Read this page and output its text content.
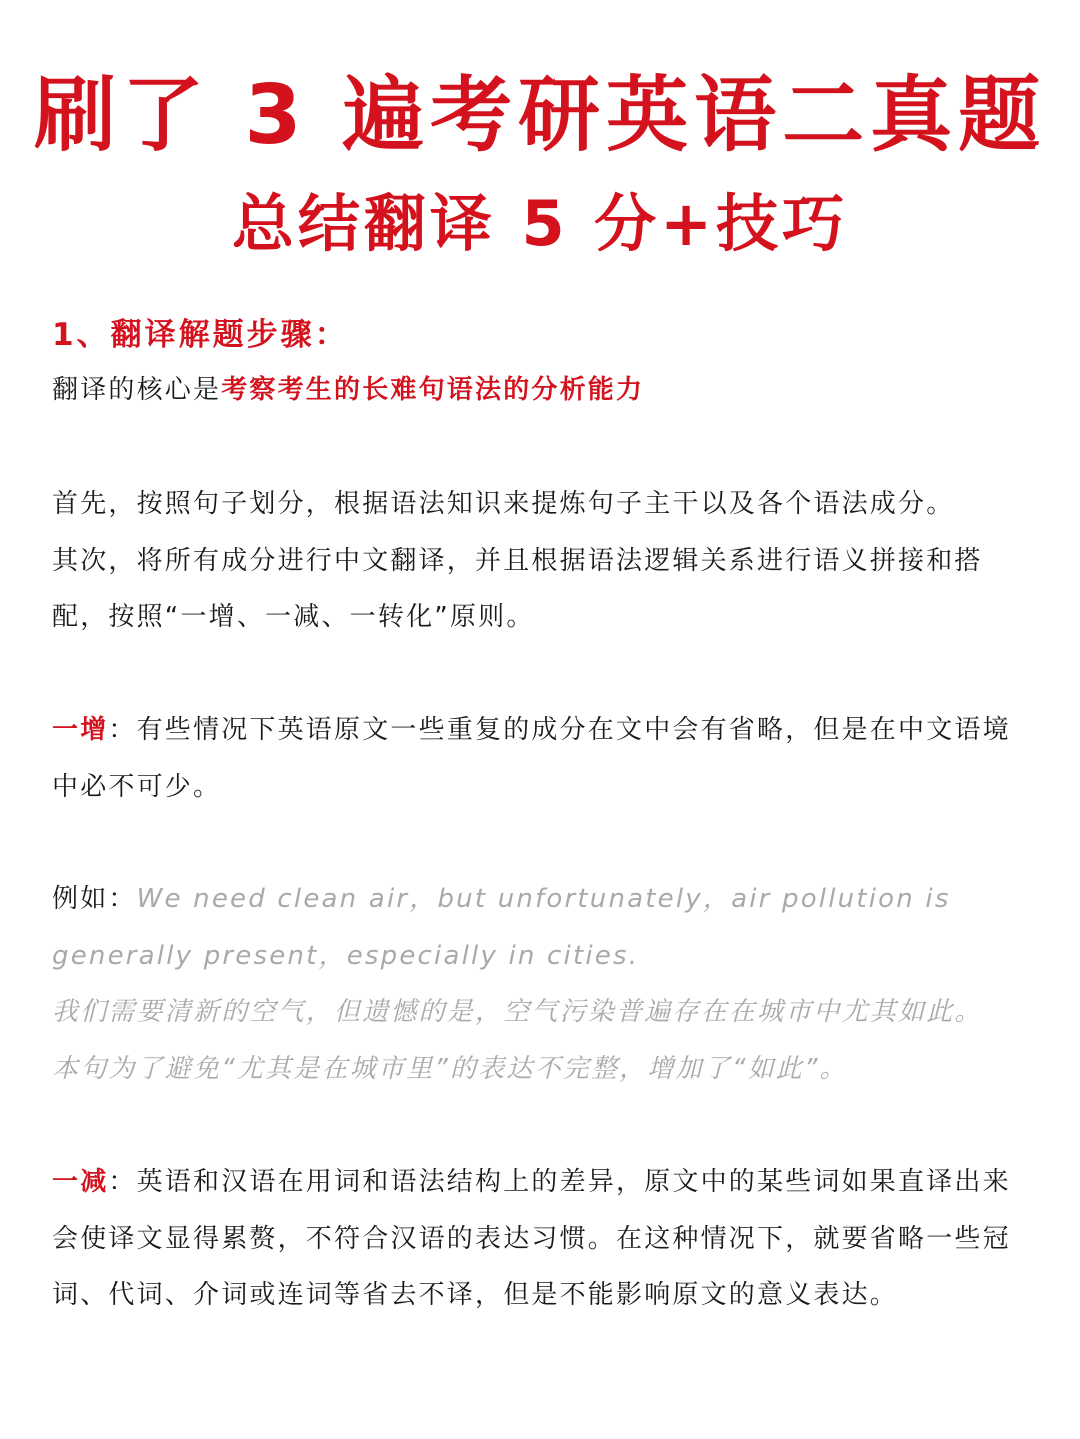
刷了 3 遍考研英语二真题
总结翻译 5 分+技巧
1、翻译解题步骤：
翻译的核心是考察考生的长难句语法的分析能力
首先，按照句子划分，根据语法知识来提炼句子主干以及各个语法成分。
其次，将所有成分进行中文翻译，并且根据语法逻辑关系进行语义拼接和搭配，按照“一增、一减、一转化”原则。
一增：有些情况下英语原文一些重复的成分在文中会有省略，但是在中文语境中必不可少。
例如：We need clean air，but unfortunately，air pollution is generally present，especially in cities.
我们需要清新的空气，但遗憾的是，空气污染普遍存在在城市中尤其如此。
本句为了避免“尤其是在城市里”的表达不完整，增加了“如此”。
一减：英语和汉语在用词和语法结构上的差异，原文中的某些词如果直译出来会使译文显得累赘，不符合汉语的表达习惯。在这种情况下，就要省略一些冠词、代词、介词或连词等省去不译，但是不能影响原文的意义表达。
